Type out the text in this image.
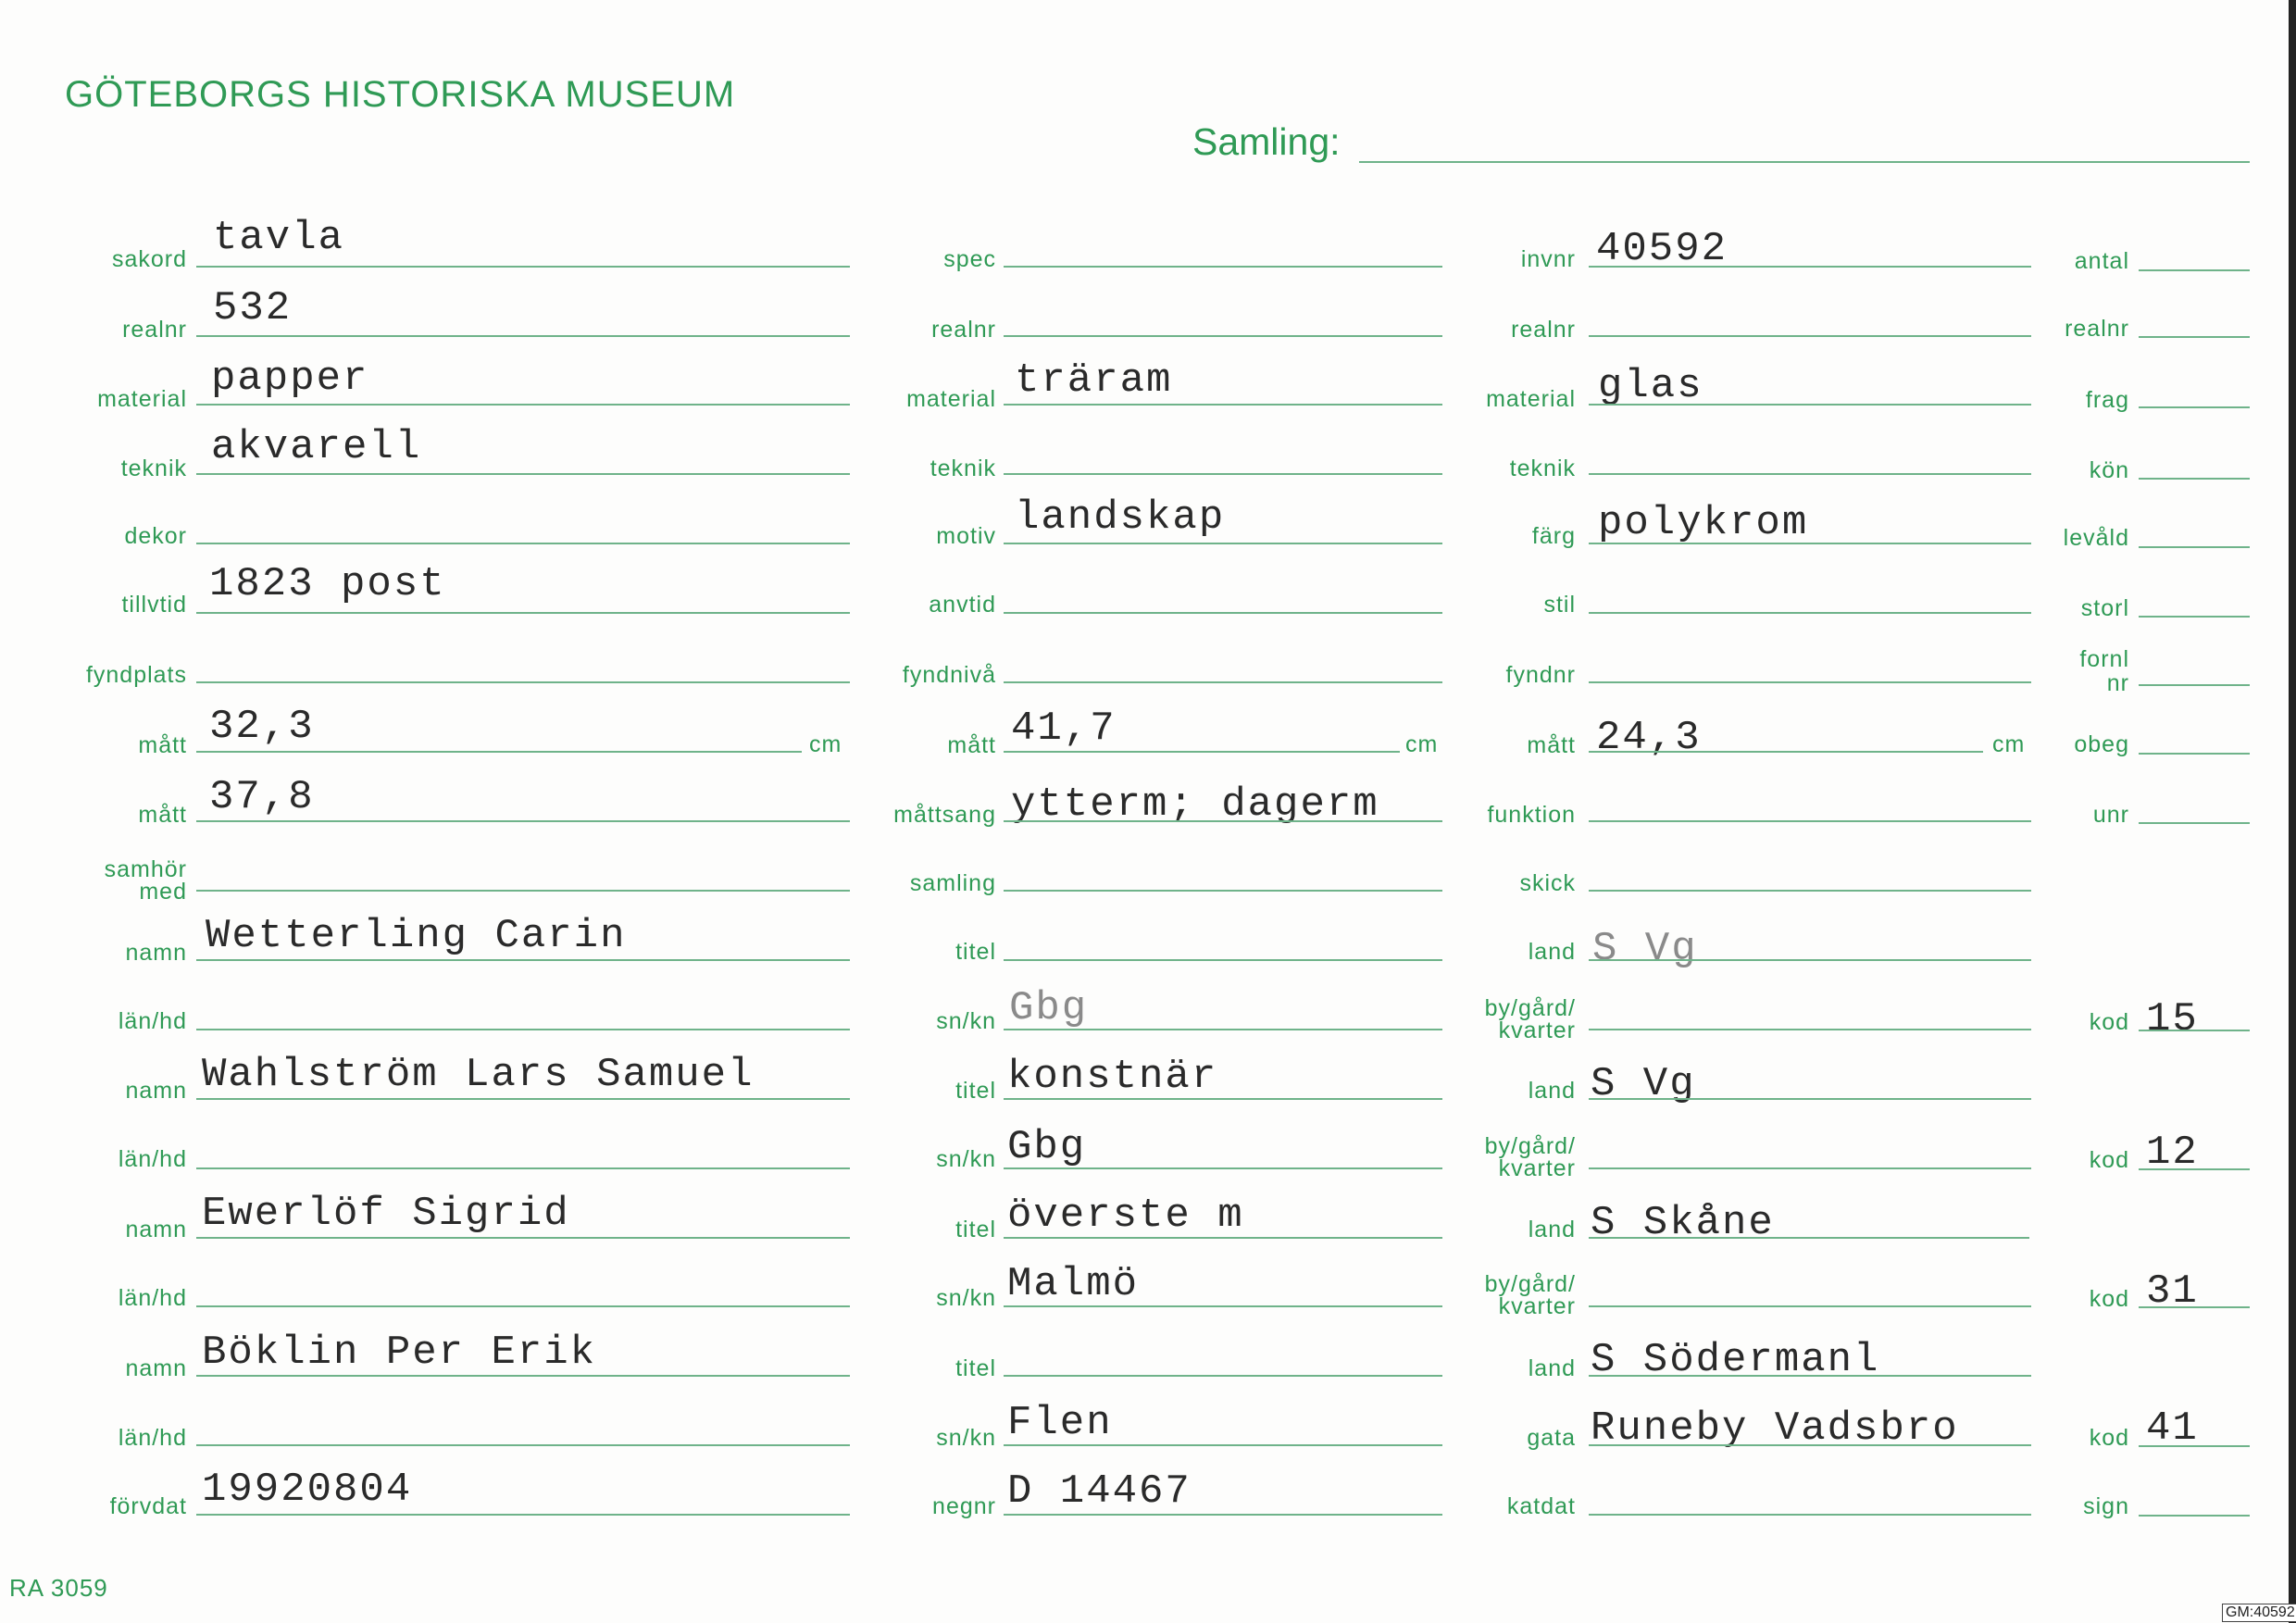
GÖTEBORGS HISTORISKA MUSEUM
Samling:
sakord tavla
realnr 532
material papper
teknik akvarell
dekor
tillvtid 1823 post
fyndplats
mått 32,3	cm
mått 37,8
samhör
med
namn Wetterling Carin
län/hd
namn Wahlström Lars Samuel
län/hd
namn Ewerlöf Sigrid
län/hd
namn Böklin Per Erik
län/hd
förvdat 19920804
spec
realnr
material träram
teknik
motiv landskap
anvtid
fyndnivå
mått 41,7	cm
måttsang ytterm; dagerm
samling
titel
sn/kn Gbg
titel konstnär
sn/kn Gbg
titel överste m
sn/kn Malmö
titel
sn/kn Flen
negnr D 14467
invnr 40592
realnr
material glas
teknik
färg polykrom
stil
fyndnr
mått 24,3	cm
funktion
skick
land S Vg
by/gård/
kvarter
land S Vg
by/gård/
kvarter
land S Skåne
by/gård/
kvarter
land S Södermanl
gata Runeby Vadsbro
katdat
antal
realnr
frag
kön
levåld
storl
fornl
nr
obeg
unr
kod 15
kod 12
kod 31
kod 41
sign
RA 3059
GM:40592
